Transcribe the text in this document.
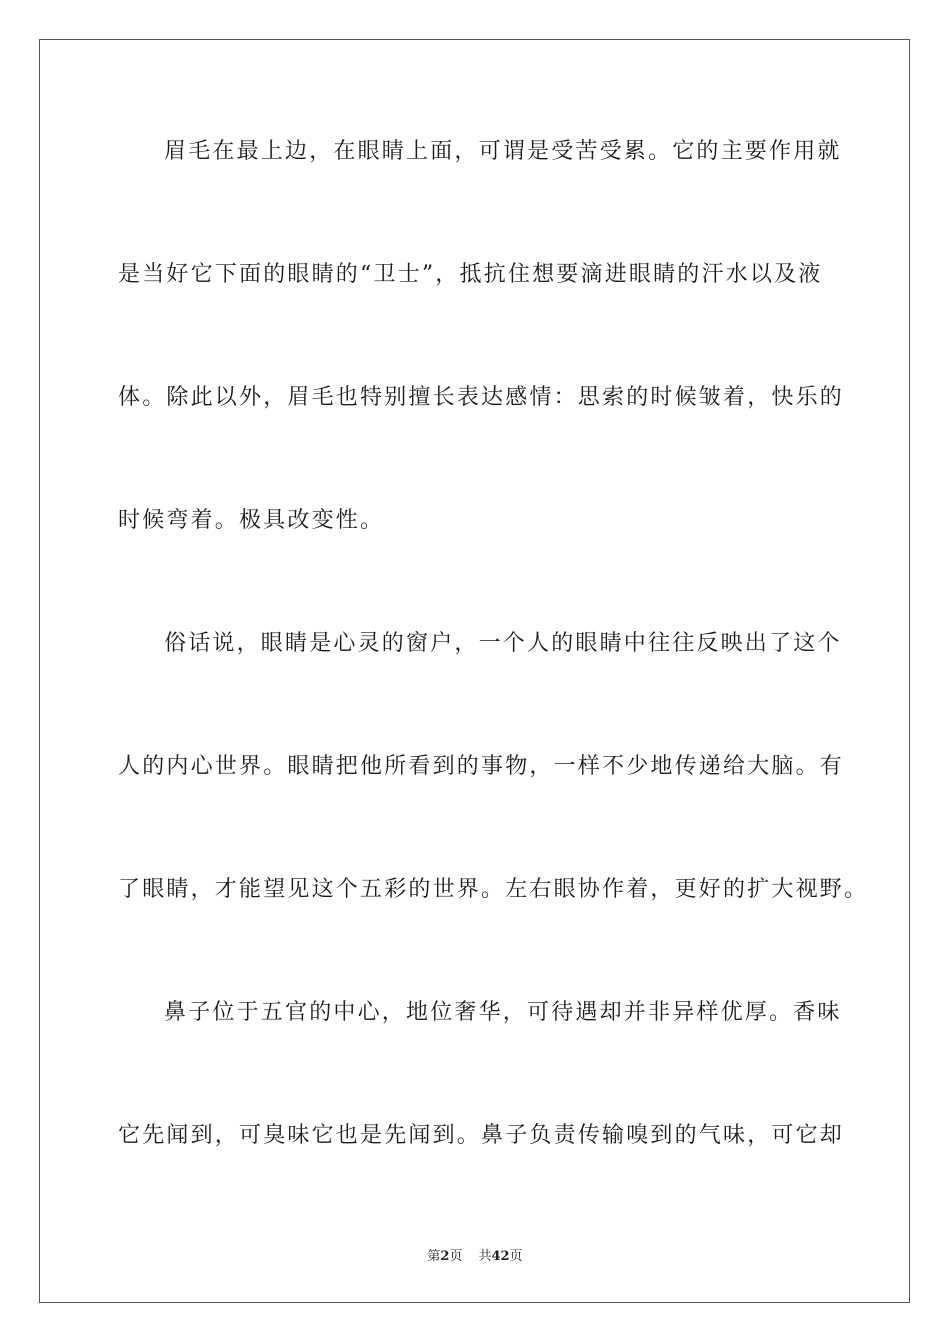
眉毛在最上边，在眼睛上面，可谓是受苦受累。它的主要作用就
是当好它下面的眼睛的“卫士”，抵抗住想要滴进眼睛的汗水以及液
体。除此以外，眉毛也特别擅长表达感情：思索的时候皱着，快乐的
时候弯着。极具改变性。
俗话说，眼睛是心灵的窗户，一个人的眼睛中往往反映出了这个
人的内心世界。眼睛把他所看到的事物，一样不少地传递给大脑。有
了眼睛，才能望见这个五彩的世界。左右眼协作着，更好的扩大视野。
鼻子位于五官的中心，地位奢华，可待遇却并非异样优厚。香味
它先闻到，可臭味它也是先闻到。鼻子负责传输嗅到的气味，可它却
第2页 共42页
